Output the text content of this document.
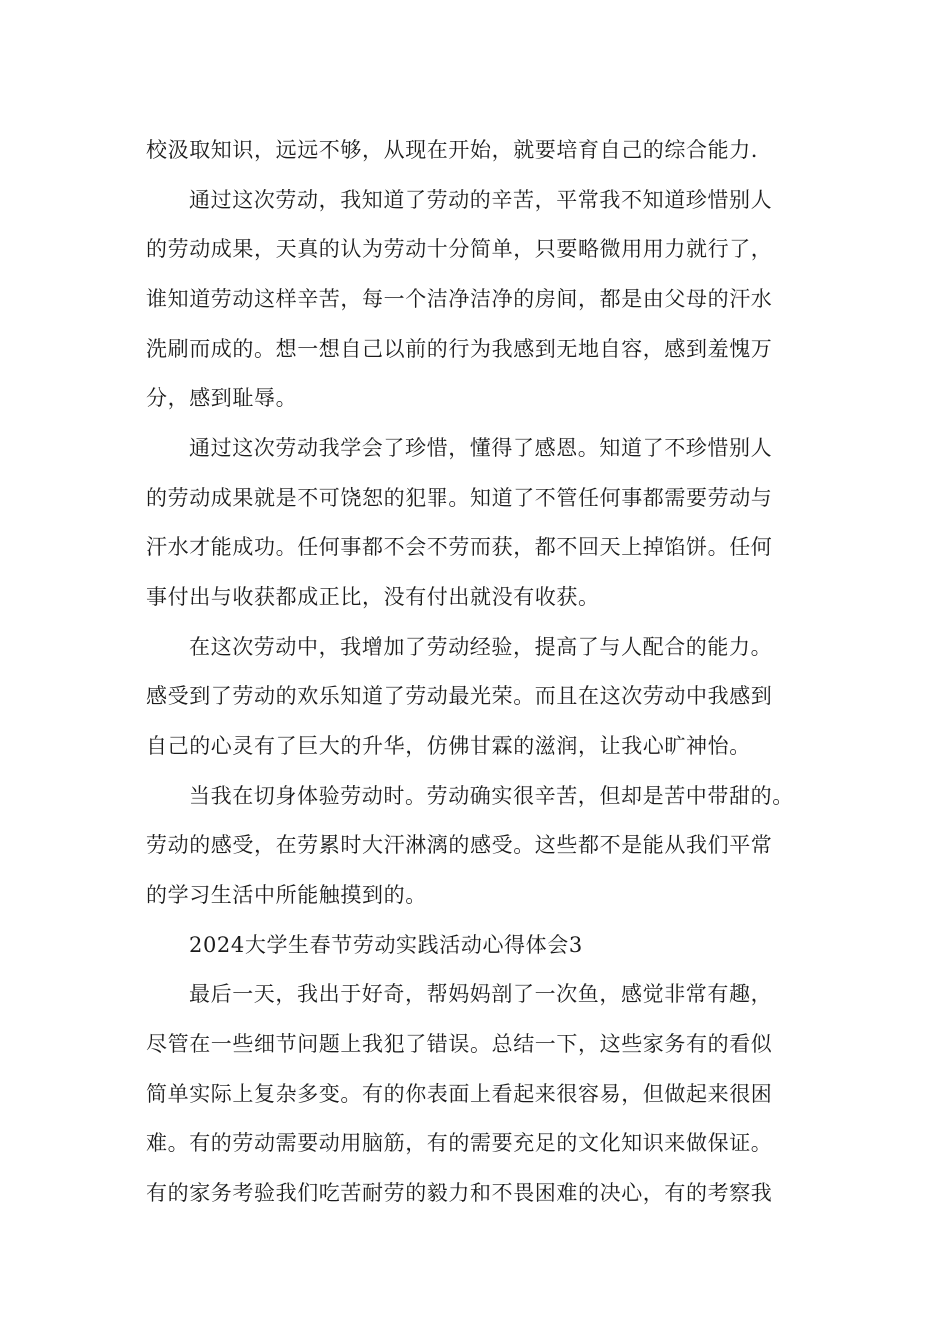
校汲取知识，远远不够，从现在开始，就要培育自己的综合能力.

通过这次劳动，我知道了劳动的辛苦，平常我不知道珍惜别人

的劳动成果，天真的认为劳动十分简单，只要略微用用力就行了，

谁知道劳动这样辛苦，每一个洁净洁净的房间，都是由父母的汗水

洗刷而成的。想一想自己以前的行为我感到无地自容，感到羞愧万

分，感到耻辱。

通过这次劳动我学会了珍惜，懂得了感恩。知道了不珍惜别人

的劳动成果就是不可饶恕的犯罪。知道了不管任何事都需要劳动与

汗水才能成功。任何事都不会不劳而获，都不回天上掉馅饼。任何

事付出与收获都成正比，没有付出就没有收获。

在这次劳动中，我增加了劳动经验，提高了与人配合的能力。

感受到了劳动的欢乐知道了劳动最光荣。而且在这次劳动中我感到

自己的心灵有了巨大的升华，仿佛甘霖的滋润，让我心旷神怡。

当我在切身体验劳动时。劳动确实很辛苦，但却是苦中带甜的。

劳动的感受，在劳累时大汗淋漓的感受。这些都不是能从我们平常

的学习生活中所能触摸到的。

2024大学生春节劳动实践活动心得体会3

最后一天，我出于好奇，帮妈妈剖了一次鱼，感觉非常有趣，

尽管在一些细节问题上我犯了错误。总结一下，这些家务有的看似

简单实际上复杂多变。有的你表面上看起来很容易，但做起来很困

难。有的劳动需要动用脑筋，有的需要充足的文化知识来做保证。

有的家务考验我们吃苦耐劳的毅力和不畏困难的决心，有的考察我
